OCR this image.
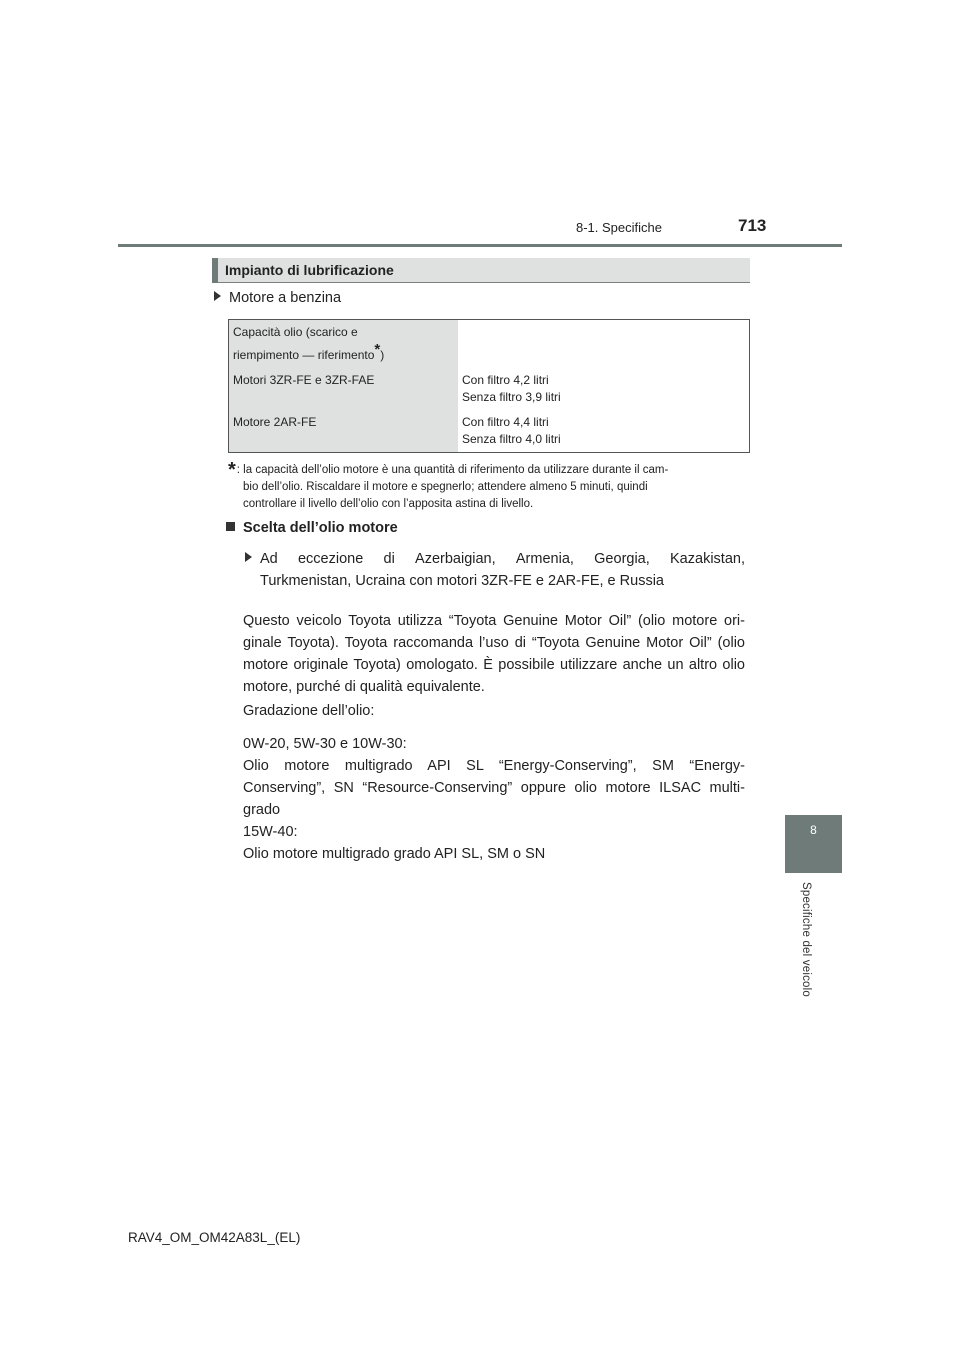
8-1. Specifiche	713
8
Specifiche del veicolo
Impianto di lubrificazione
Motore a benzina
Capacità olio (scarico e
riempimento — riferimento*)	
Motori 3ZR-FE e 3ZR-FAE	Con filtro 4,2 litri
Senza filtro 3,9 litri
Motore 2AR-FE	Con filtro 4,4 litri
Senza filtro 4,0 litri
*: la capacità dell’olio motore è una quantità di riferimento da utilizzare durante il cam-
bio dell’olio. Riscaldare il motore e spegnerlo; attendere almeno 5 minuti, quindi
controllare il livello dell’olio con l’apposita astina di livello.
Scelta dell’olio motore
Ad eccezione di Azerbaigian, Armenia, Georgia, Kazakistan,
Turkmenistan, Ucraina con motori 3ZR-FE e 2AR-FE, e Russia
Questo veicolo Toyota utilizza “Toyota Genuine Motor Oil” (olio motore ori-ginale Toyota). Toyota raccomanda l’uso di “Toyota Genuine Motor Oil” (olio motore originale Toyota) omologato. È possibile utilizzare anche un altro olio motore, purché di qualità equivalente.
Gradazione dell’olio:
0W-20, 5W-30 e 10W-30:
Olio motore multigrado API SL “Energy-Conserving”, SM “Energy-Conserving”, SN “Resource-Conserving” oppure olio motore ILSAC multi-grado
15W-40:
Olio motore multigrado grado API SL, SM o SN
RAV4_OM_OM42A83L_(EL)
